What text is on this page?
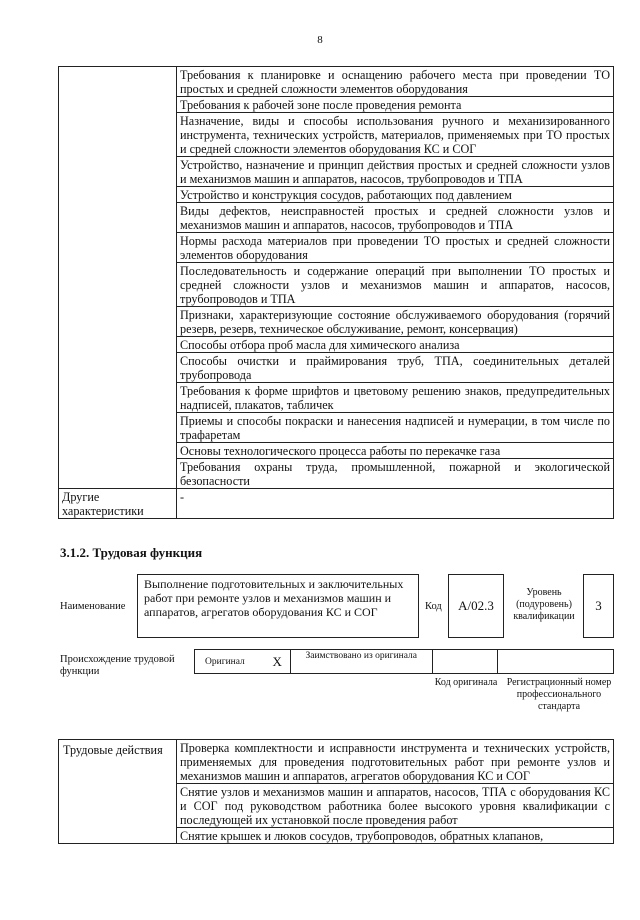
8
	Требования к планировке и оснащению рабочего места при проведении ТО простых и средней сложности элементов оборудования
	Требования к рабочей зоне после проведения ремонта
	Назначение, виды и способы использования ручного и механизированного инструмента, технических устройств, материалов, применяемых при ТО простых и средней сложности элементов оборудования КС и СОГ
	Устройство, назначение и принцип действия простых и средней сложности узлов и механизмов машин и аппаратов, насосов, трубопроводов и ТПА
	Устройство и конструкция сосудов, работающих под давлением
	Виды дефектов, неисправностей простых и средней сложности узлов и механизмов машин и аппаратов, насосов, трубопроводов и ТПА
	Нормы расхода материалов при проведении ТО простых и средней сложности элементов оборудования
	Последовательность и содержание операций при выполнении ТО простых и средней сложности узлов и механизмов машин и аппаратов, насосов, трубопроводов и ТПА
	Признаки, характеризующие состояние обслуживаемого оборудования (горячий резерв, резерв, техническое обслуживание, ремонт, консервация)
	Способы отбора проб масла для химического анализа
	Способы очистки и праймирования труб, ТПА, соединительных деталей трубопровода
	Требования к форме шрифтов и цветовому решению знаков, предупредительных надписей, плакатов, табличек
	Приемы и способы покраски и нанесения надписей и нумерации, в том числе по трафаретам
	Основы технологического процесса работы по перекачке газа
	Требования охраны труда, промышленной, пожарной и экологической безопасности
Другие характеристики	-
3.1.2. Трудовая функция
Наименование
Выполнение подготовительных и заключительных работ при ремонте узлов и механизмов машин и аппаратов, агрегатов оборудования КС и СОГ	Код	А/02.3
Уровень (подуровень) квалификации
3
Происхождение трудовой функции
Оригинал	X	Заимствовано из оригинала		
Код оригинала Регистрационный номер профессионального стандарта
Трудовые действия	Проверка комплектности и исправности инструмента и технических устройств, применяемых для проведения подготовительных работ при ремонте узлов и механизмов машин и аппаратов, агрегатов оборудования КС и СОГ
Снятие узлов и механизмов машин и аппаратов, насосов, ТПА с оборудования КС и СОГ под руководством работника более высокого уровня квалификации с последующей их установкой после проведения работ
Снятие крышек и люков сосудов, трубопроводов, обратных клапанов,
